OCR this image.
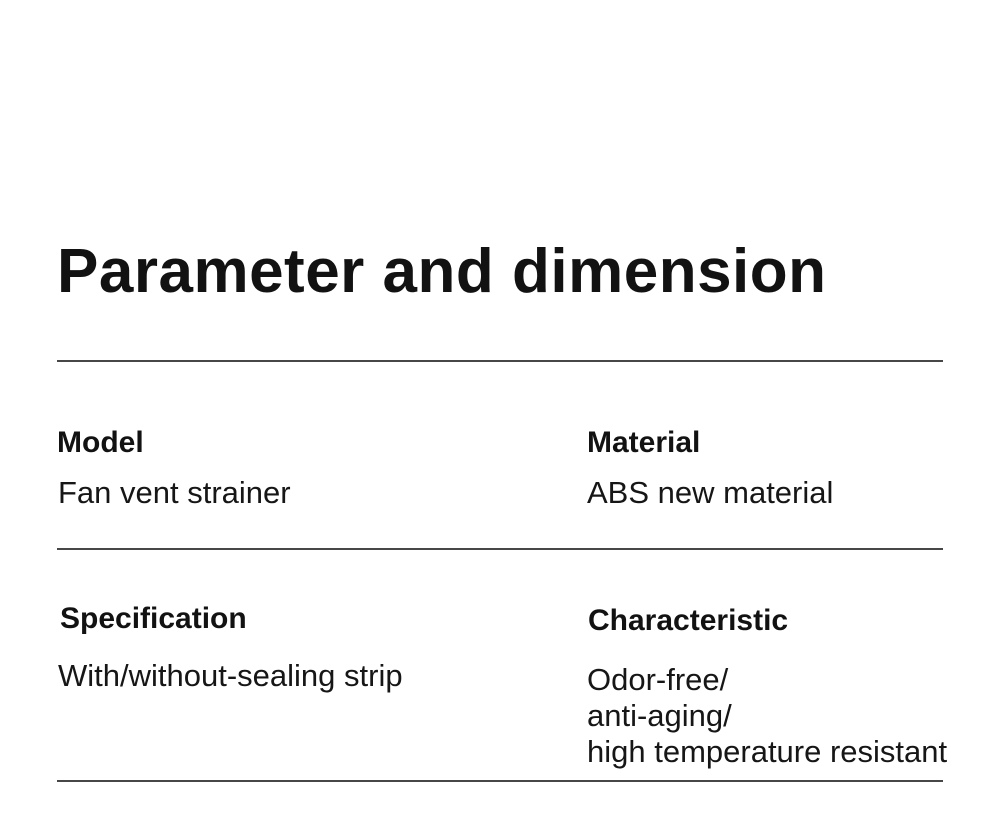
Parameter and dimension
Model	Material
Fan vent strainer	ABS new material
Specification	Characteristic
With/without-sealing strip	Odor-free/
anti-aging/
high temperature resistant
